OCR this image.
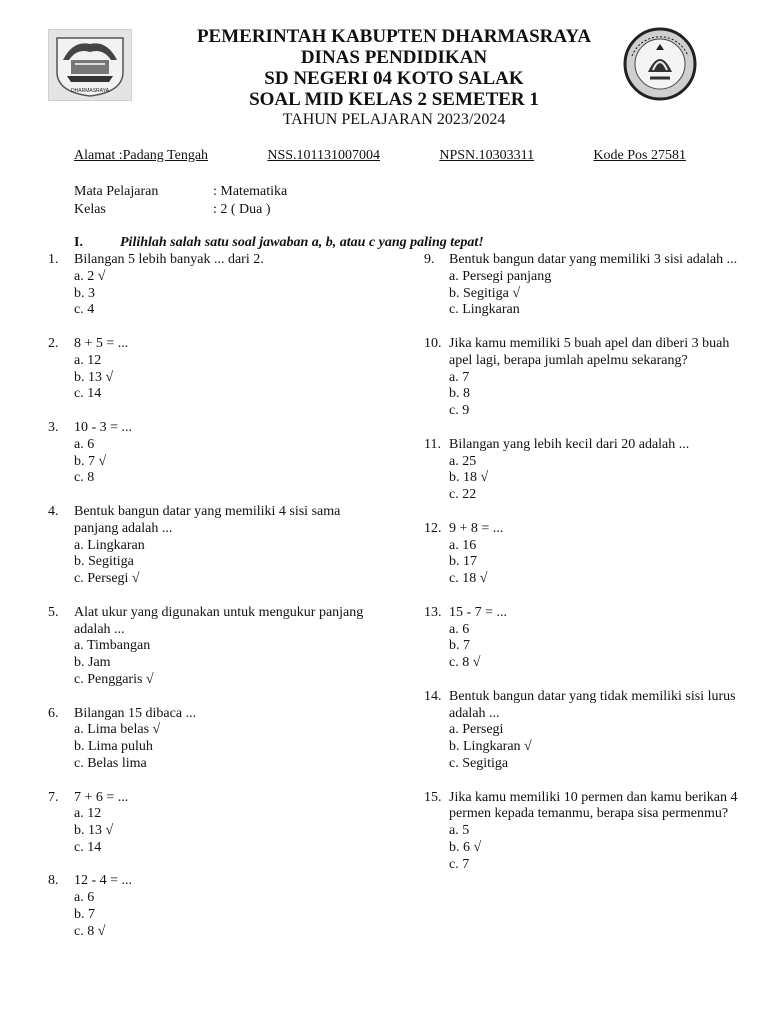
DHARMASRAYA
PEMERINTAH KABUPTEN DHARMASRAYA
DINAS PENDIDIKAN
SD NEGERI 04 KOTO SALAK
SOAL MID KELAS 2 SEMETER 1
TAHUN PELAJARAN 2023/2024
Alamat :Padang Tengah	NSS.101131007004	NPSN.10303311	Kode Pos 27581
Mata Pelajaran	: Matematika
Kelas	: 2 ( Dua )
I.	Pilihlah salah satu soal jawaban a, b, atau c yang paling tepat!
1.	Bilangan 5 lebih banyak ... dari 2.
a. 2 √
b. 3
c. 4
2.	8 + 5 = ...
a. 12
b. 13 √
c. 14
3.	10 - 3 = ...
a. 6
b. 7 √
c. 8
4.	Bentuk bangun datar yang memiliki 4 sisi sama panjang adalah ...
a. Lingkaran
b. Segitiga
c. Persegi √
5.	Alat ukur yang digunakan untuk mengukur panjang adalah ...
a. Timbangan
b. Jam
c. Penggaris √
6.	Bilangan 15 dibaca ...
a. Lima belas √
b. Lima puluh
c. Belas lima
7.	7 + 6 = ...
a. 12
b. 13 √
c. 14
8.	12 - 4 = ...
a. 6
b. 7
c. 8 √
9.	Bentuk bangun datar yang memiliki 3 sisi adalah ...
a. Persegi panjang
b. Segitiga √
c. Lingkaran
10. Jika kamu memiliki 5 buah apel dan diberi 3 buah apel lagi, berapa jumlah apelmu sekarang?
a. 7
b. 8
c. 9
11. Bilangan yang lebih kecil dari 20 adalah ...
a. 25
b. 18 √
c. 22
12. 9 + 8 = ...
a. 16
b. 17
c. 18 √
13. 15 - 7 = ...
a. 6
b. 7
c. 8 √
14. Bentuk bangun datar yang tidak memiliki sisi lurus adalah ...
a. Persegi
b. Lingkaran √
c. Segitiga
15. Jika kamu memiliki 10 permen dan kamu berikan 4 permen kepada temanmu, berapa sisa permenmu?
a. 5
b. 6 √
c. 7
